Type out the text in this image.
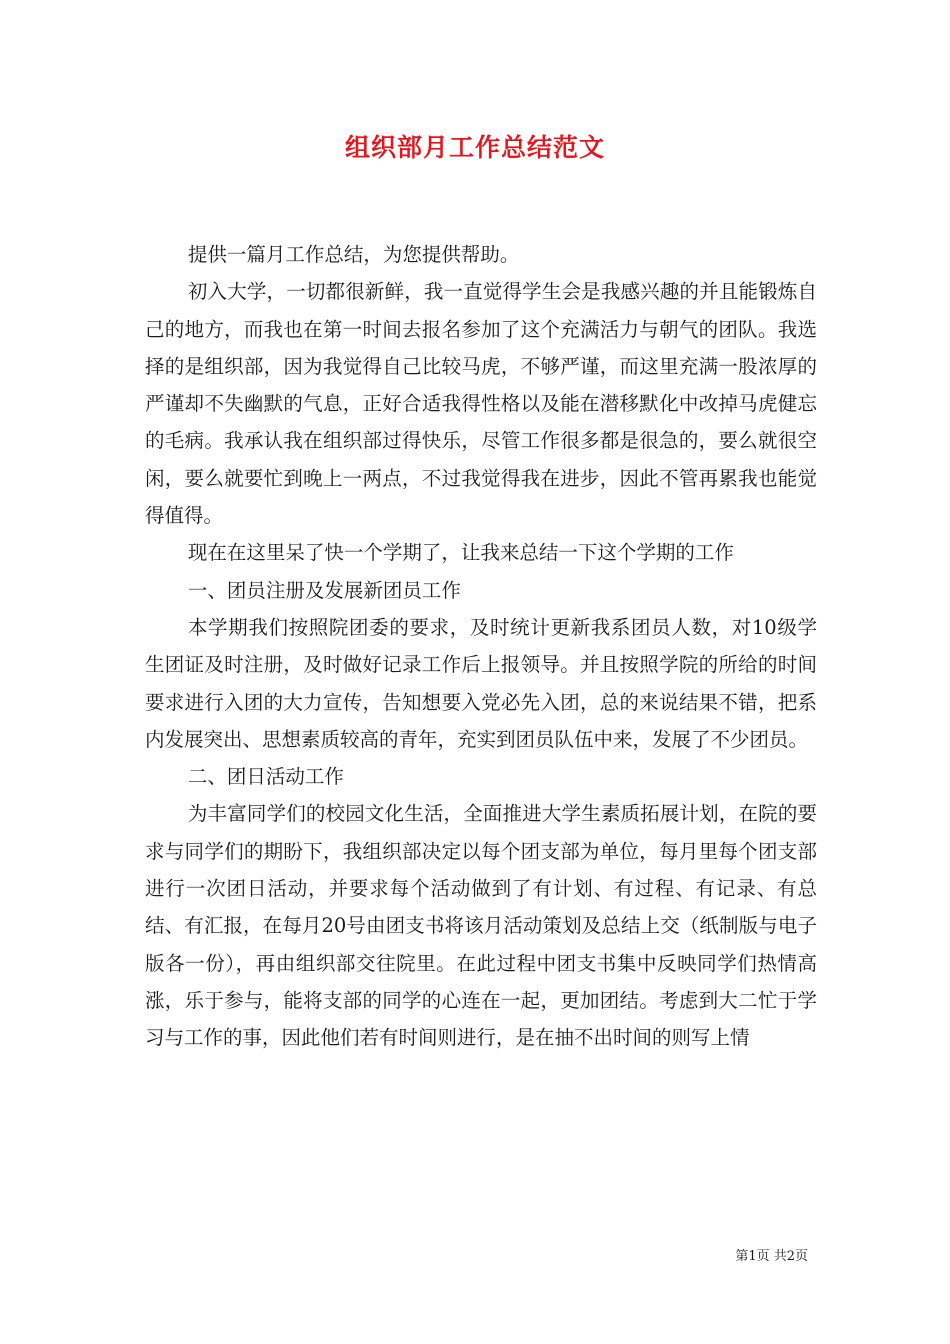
组织部月工作总结范文

提供一篇月工作总结，为您提供帮助。

初入大学，一切都很新鲜，我一直觉得学生会是我感兴趣的并且能锻炼自己的地方，而我也在第一时间去报名参加了这个充满活力与朝气的团队。我选择的是组织部，因为我觉得自己比较马虎，不够严谨，而这里充满一股浓厚的严谨却不失幽默的气息，正好合适我得性格以及能在潜移默化中改掉马虎健忘的毛病。我承认我在组织部过得快乐，尽管工作很多都是很急的，要么就很空闲，要么就要忙到晚上一两点，不过我觉得我在进步，因此不管再累我也能觉得值得。

现在在这里呆了快一个学期了，让我来总结一下这个学期的工作

一、团员注册及发展新团员工作

本学期我们按照院团委的要求，及时统计更新我系团员人数，对10级学生团证及时注册，及时做好记录工作后上报领导。并且按照学院的所给的时间要求进行入团的大力宣传，告知想要入党必先入团，总的来说结果不错，把系内发展突出、思想素质较高的青年，充实到团员队伍中来，发展了不少团员。

二、团日活动工作

为丰富同学们的校园文化生活，全面推进大学生素质拓展计划，在院的要求与同学们的期盼下，我组织部决定以每个团支部为单位，每月里每个团支部进行一次团日活动，并要求每个活动做到了有计划、有过程、有记录、有总结、有汇报，在每月20号由团支书将该月活动策划及总结上交（纸制版与电子版各一份），再由组织部交往院里。在此过程中团支书集中反映同学们热情高涨，乐于参与，能将支部的同学的心连在一起，更加团结。考虑到大二忙于学习与工作的事，因此他们若有时间则进行，是在抽不出时间的则写上情

第1页 共2页
